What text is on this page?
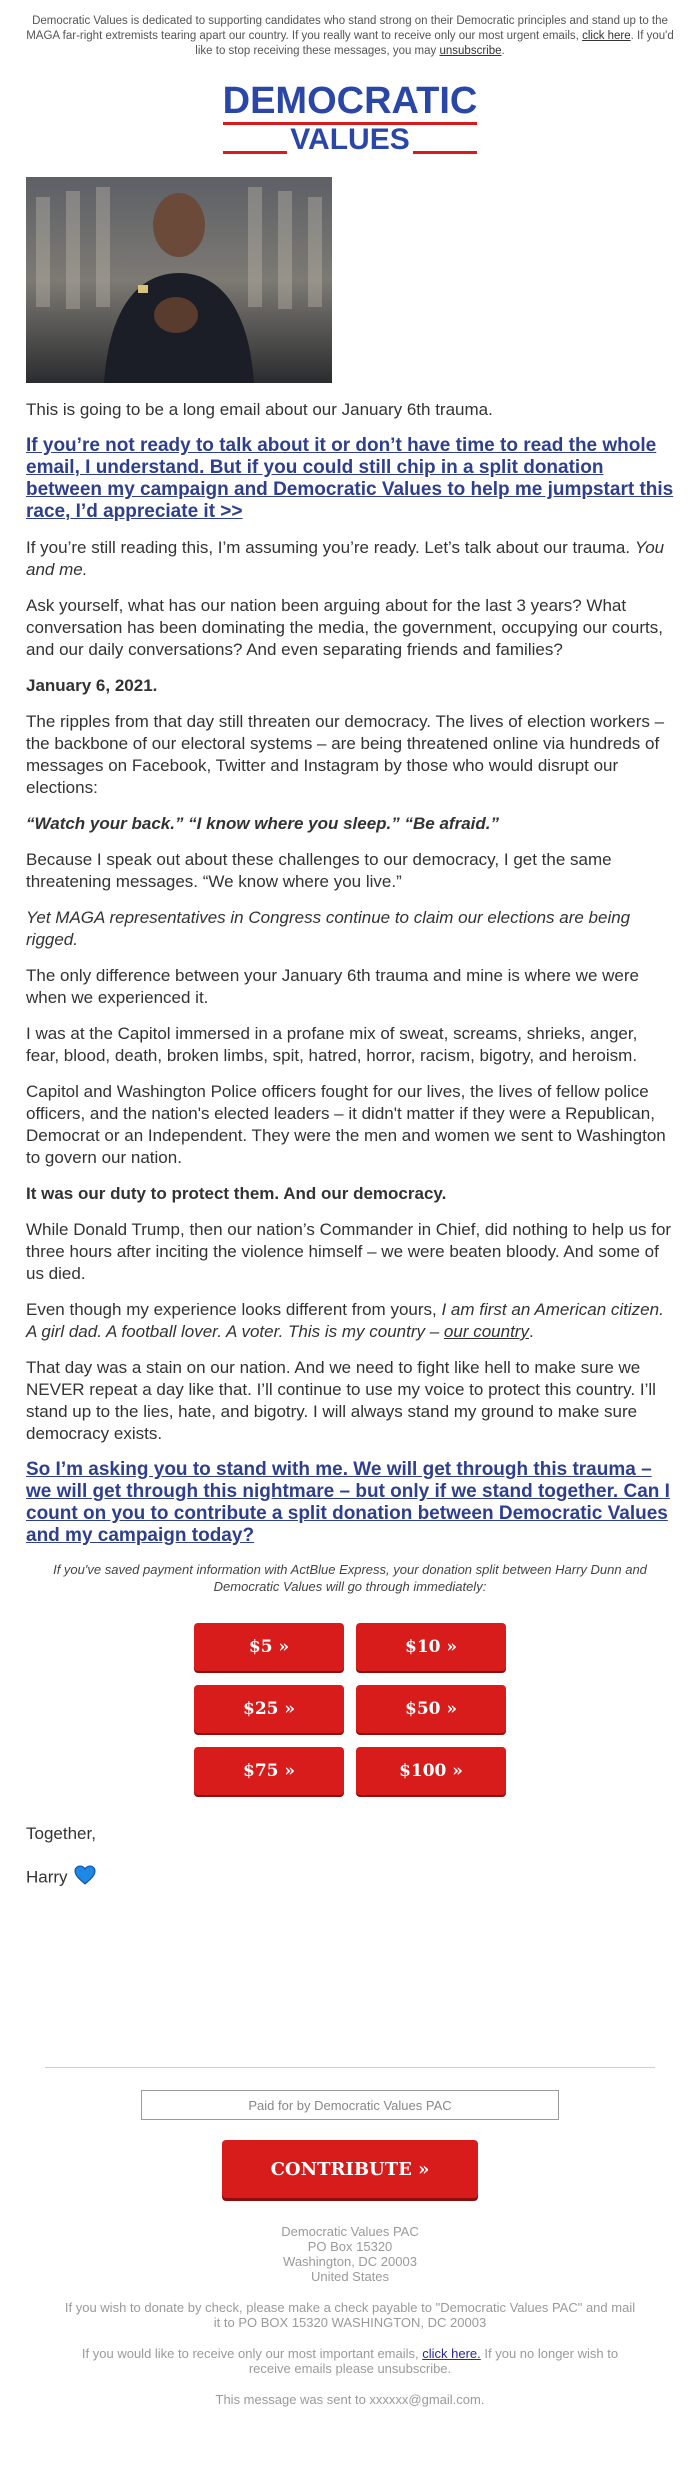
Democratic Values is dedicated to supporting candidates who stand strong on their Democratic principles and stand up to the MAGA far-right extremists tearing apart our country. If you really want to receive only our most urgent emails, click here. If you'd like to stop receiving these messages, you may unsubscribe.
DEMOCRATIC
VALUES

This is going to be a long email about our January 6th trauma.

If you’re not ready to talk about it or don’t have time to read the whole email, I understand. But if you could still chip in a split donation between my campaign and Democratic Values to help me jumpstart this race, I’d appreciate it >>

If you’re still reading this, I’m assuming you’re ready. Let’s talk about our trauma. You and me.

Ask yourself, what has our nation been arguing about for the last 3 years? What conversation has been dominating the media, the government, occupying our courts, and our daily conversations? And even separating friends and families?

January 6, 2021.

The ripples from that day still threaten our democracy. The lives of election workers – the backbone of our electoral systems – are being threatened online via hundreds of messages on Facebook, Twitter and Instagram by those who would disrupt our elections:

“Watch your back.” “I know where you sleep.” “Be afraid.”

Because I speak out about these challenges to our democracy, I get the same threatening messages. “We know where you live.”

Yet MAGA representatives in Congress continue to claim our elections are being rigged.

The only difference between your January 6th trauma and mine is where we were when we experienced it.

I was at the Capitol immersed in a profane mix of sweat, screams, shrieks, anger, fear, blood, death, broken limbs, spit, hatred, horror, racism, bigotry, and heroism.

Capitol and Washington Police officers fought for our lives, the lives of fellow police officers, and the nation's elected leaders – it didn't matter if they were a Republican, Democrat or an Independent. They were the men and women we sent to Washington to govern our nation.

It was our duty to protect them. And our democracy.

While Donald Trump, then our nation’s Commander in Chief, did nothing to help us for three hours after inciting the violence himself – we were beaten bloody. And some of us died.

Even though my experience looks different from yours, I am first an American citizen. A girl dad. A football lover. A voter. This is my country – our country.

That day was a stain on our nation. And we need to fight like hell to make sure we NEVER repeat a day like that. I’ll continue to use my voice to protect this country. I’ll stand up to the lies, hate, and bigotry. I will always stand my ground to make sure democracy exists.

So I’m asking you to stand with me. We will get through this trauma – we will get through this nightmare – but only if we stand together. Can I count on you to contribute a split donation between Democratic Values and my campaign today?
If you've saved payment information with ActBlue Express, your donation split between Harry Dunn and Democratic Values will go through immediately:
$5 »	$10 »
$25 »	$50 »
$75 »	$100 »
Together,
Harry
Paid for by Democratic Values PAC
CONTRIBUTE »
Democratic Values PAC
PO Box 15320
Washington, DC 20003
United States
If you wish to donate by check, please make a check payable to "Democratic Values PAC" and mail it to PO BOX 15320 WASHINGTON, DC 20003
If you would like to receive only our most important emails, click here. If you no longer wish to receive emails please unsubscribe.
This message was sent to xxxxxx@gmail.com.
